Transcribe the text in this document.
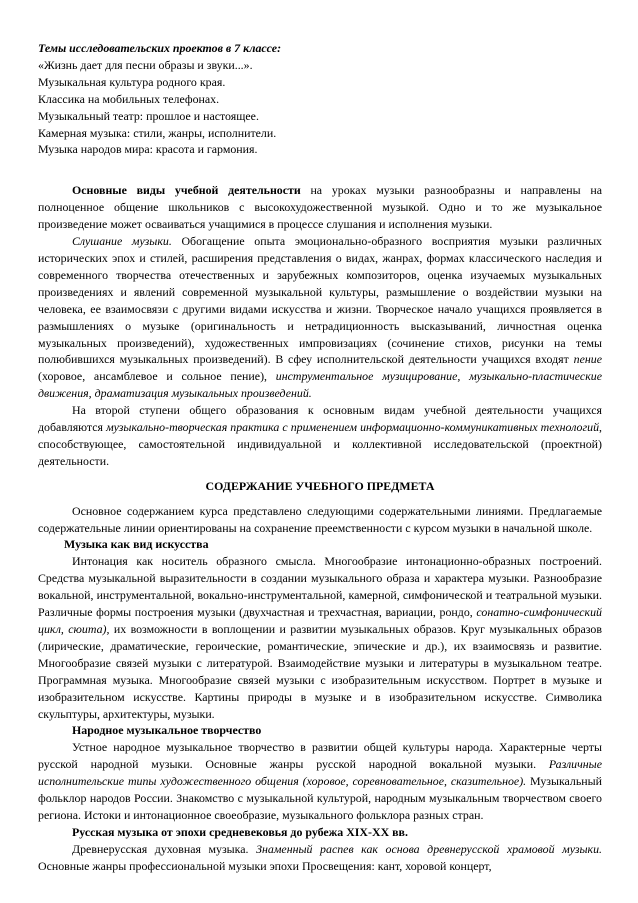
Темы исследовательских проектов в 7 классе:
«Жизнь дает для песни образы и звуки...».
Музыкальная культура родного края.
Классика на мобильных телефонах.
Музыкальный театр: прошлое и настоящее.
Камерная музыка: стили, жанры, исполнители.
Музыка народов мира: красота и гармония.

Основные виды учебной деятельности на уроках музыки разнообразны и направлены на полноценное общение школьников с высокохудожественной музыкой. Одно и то же музыкальное произведение может осваиваться учащимися в процессе слушания и исполнения музыки.

Слушание музыки. Обогащение опыта эмоционально-образного восприятия музыки различных исторических эпох и стилей, расширения представления о видах, жанрах, формах классического наследия и современного творчества отечественных и зарубежных композиторов, оценка изучаемых музыкальных произведениях и явлений современной музыкальной культуры, размышление о воздействии музыки на человека, ее взаимосвязи с другими видами искусства и жизни. Творческое начало учащихся проявляется в размышлениях о музыке (оригинальность и нетрадиционность высказываний, личностная оценка музыкальных произведений), художественных импровизациях (сочинение стихов, рисунки на темы полюбившихся музыкальных произведений). В сфеу исполнительской деятельности учащихся входят пение (хоровое, ансамблевое и сольное пение), инструментальное музицирование, музыкально-пластические движения, драматизация музыкальных произведений.

На второй ступени общего образования к основным видам учебной деятельности учащихся добавляются музыкально-творческая практика с применением информационно-коммуникативных технологий, способствующее, самостоятельной индивидуальной и коллективной исследовательской (проектной) деятельности.

СОДЕРЖАНИЕ УЧЕБНОГО ПРЕДМЕТА

Основное содержанием курса представлено следующими содержательными линиями. Предлагаемые содержательные линии ориентированы на сохранение преемственности с курсом музыки в начальной школе.

Музыка как вид искусства

Интонация как носитель образного смысла. Многообразие интонационно-образных построений. Средства музыкальной выразительности в создании музыкального образа и характера музыки. Разнообразие вокальной, инструментальной, вокально-инструментальной, камерной, симфонической и театральной музыки. Различные формы построения музыки (двухчастная и трехчастная, вариации, рондо, сонатно-симфонический цикл, сюита), их возможности в воплощении и развитии музыкальных образов. Круг музыкальных образов (лирические, драматические, героические, романтические, эпические и др.), их взаимосвязь и развитие. Многообразие связей музыки с литературой. Взаимодействие музыки и литературы в музыкальном театре. Программная музыка. Многообразие связей музыки с изобразительным искусством. Портрет в музыке и изобразительном искусстве. Картины природы в музыке и в изобразительном искусстве. Символика скульптуры, архитектуры, музыки.

Народное музыкальное творчество

Устное народное музыкальное творчество в развитии общей культуры народа. Характерные черты русской народной музыки. Основные жанры русской народной вокальной музыки. Различные исполнительские типы художественного общения (хоровое, соревновательное, сказительное). Музыкальный фольклор народов России. Знакомство с музыкальной культурой, народным музыкальным творчеством своего региона. Истоки и интонационное своеобразие, музыкального фольклора разных стран.

Русская музыка от эпохи средневековья до рубежа XIX-XX вв.

Древнерусская духовная музыка. Знаменный распев как основа древнерусской храмовой музыки. Основные жанры профессиональной музыки эпохи Просвещения: кант, хоровой концерт,
